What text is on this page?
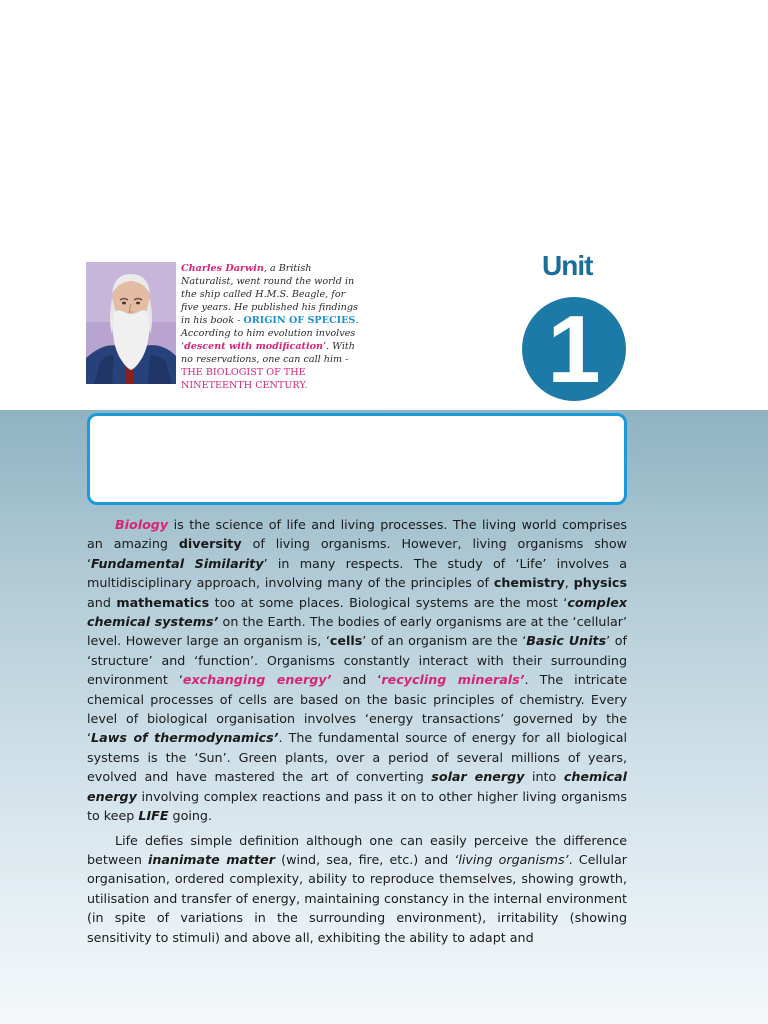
Charles Darwin, a British Naturalist, went round the world in the ship called H.M.S. Beagle, for five years. He published his findings in his book - ORIGIN OF SPECIES. According to him evolution involves ‘descent with modification’. With no reservations, one can call him - THE BIOLOGIST OF THE NINETEENTH CENTURY.
Unit
1

Biology is the science of life and living processes. The living world comprises an amazing diversity of living organisms. However, living organisms show ‘Fundamental Similarity’ in many respects. The study of ‘Life’ involves a multidisciplinary approach, involving many of the principles of chemistry, physics and mathematics too at some places. Biological systems are the most ‘complex chemical systems’ on the Earth. The bodies of early organisms are at the ‘cellular’ level. However large an organism is, ‘cells’ of an organism are the ‘Basic Units’ of ‘structure’ and ‘function’. Organisms constantly interact with their surrounding environment ‘exchanging energy’ and ‘recycling minerals’. The intricate chemical processes of cells are based on the basic principles of chemistry. Every level of biological organisation involves ‘energy transactions’ governed by the ‘Laws of thermodynamics’. The fundamental source of energy for all biological systems is the ‘Sun’. Green plants, over a period of several millions of years, evolved and have mastered the art of converting solar energy into chemical energy involving complex reactions and pass it on to other higher living organisms to keep LIFE going.

Life defies simple definition although one can easily perceive the difference between inanimate matter (wind, sea, fire, etc.) and ‘living organisms’. Cellular organisation, ordered complexity, ability to reproduce themselves, showing growth, utilisation and transfer of energy, maintaining constancy in the internal environment (in spite of variations in the surrounding environment), irritability (showing sensitivity to stimuli) and above all, exhibiting the ability to adapt and
